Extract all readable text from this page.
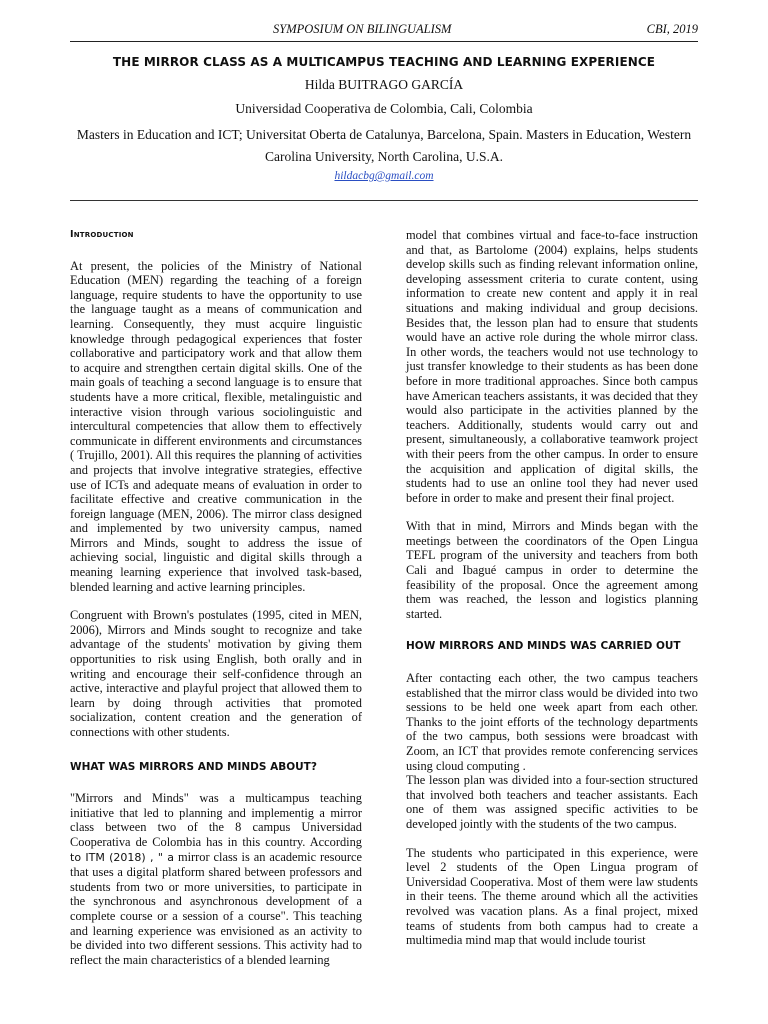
SYMPOSIUM ON BILINGUALISM	CBI, 2019
THE MIRROR CLASS AS A MULTICAMPUS TEACHING AND LEARNING EXPERIENCE
Hilda BUITRAGO GARCÍA
Universidad Cooperativa de Colombia, Cali, Colombia
Masters in Education and ICT; Universitat Oberta de Catalunya, Barcelona, Spain. Masters in Education, Western Carolina University, North Carolina, U.S.A.
hildacbg@gmail.com
Introduction

At present, the policies of the Ministry of National Education (MEN) regarding the teaching of a foreign language, require students to have the opportunity to use the language taught as a means of communication and learning. Consequently, they must acquire linguistic knowledge through pedagogical experiences that foster collaborative and participatory work and that allow them to acquire and strengthen certain digital skills. One of the main goals of teaching a second language is to ensure that students have a more critical, flexible, metalinguistic and interactive vision through various sociolinguistic and intercultural competencies that allow them to effectively communicate in different environments and circumstances ( Trujillo, 2001). All this requires the planning of activities and projects that involve integrative strategies, effective use of ICTs and adequate means of evaluation in order to facilitate effective and creative communication in the foreign language (MEN, 2006). The mirror class designed and implemented by two university campus, named Mirrors and Minds, sought to address the issue of achieving social, linguistic and digital skills through a meaning learning experience that involved task-based, blended learning and active learning principles.

Congruent with Brown's postulates (1995, cited in MEN, 2006), Mirrors and Minds sought to recognize and take advantage of the students' motivation by giving them opportunities to risk using English, both orally and in writing and encourage their self-confidence through an active, interactive and playful project that allowed them to learn by doing through activities that promoted socialization, content creation and the generation of connections with other students.

WHAT WAS MIRRORS AND MINDS ABOUT?

"Mirrors and Minds" was a multicampus teaching initiative that led to planning and implementig a mirror class between two of the 8 campus Universidad Cooperativa de Colombia has in this country. According to ITM (2018) , " a mirror class is an academic resource that uses a digital platform shared between professors and students from two or more universities, to participate in the synchronous and asynchronous development of a complete course or a session of a course". This teaching and learning experience was envisioned as an activity to be divided into two different sessions. This activity had to reflect the main characteristics of a blended learning

model that combines virtual and face-to-face instruction and that, as Bartolome (2004) explains, helps students develop skills such as finding relevant information online, developing assessment criteria to curate content, using information to create new content and apply it in real situations and making individual and group decisions. Besides that, the lesson plan had to ensure that students would have an active role during the whole mirror class. In other words, the teachers would not use technology to just transfer knowledge to their students as has been done before in more traditional approaches. Since both campus have American teachers assistants, it was decided that they would also participate in the activities planned by the teachers. Additionally, students would carry out and present, simultaneously, a collaborative teamwork project with their peers from the other campus. In order to ensure the acquisition and application of digital skills, the students had to use an online tool they had never used before in order to make and present their final project.

With that in mind, Mirrors and Minds began with the meetings between the coordinators of the Open Lingua TEFL program of the university and teachers from both Cali and Ibagué campus in order to determine the feasibility of the proposal. Once the agreement among them was reached, the lesson and logistics planning started.

HOW MIRRORS AND MINDS WAS CARRIED OUT

After contacting each other, the two campus teachers established that the mirror class would be divided into two sessions to be held one week apart from each other. Thanks to the joint efforts of the technology departments of the two campus, both sessions were broadcast with Zoom, an ICT that provides remote conferencing services using cloud computing .

The lesson plan was divided into a four-section structured that involved both teachers and teacher assistants. Each one of them was assigned specific activities to be developed jointly with the students of the two campus.

The students who participated in this experience, were level 2 students of the Open Lingua program of Universidad Cooperativa. Most of them were law students in their teens. The theme around which all the activities revolved was vacation plans. As a final project, mixed teams of students from both campus had to create a multimedia mind map that would include tourist
